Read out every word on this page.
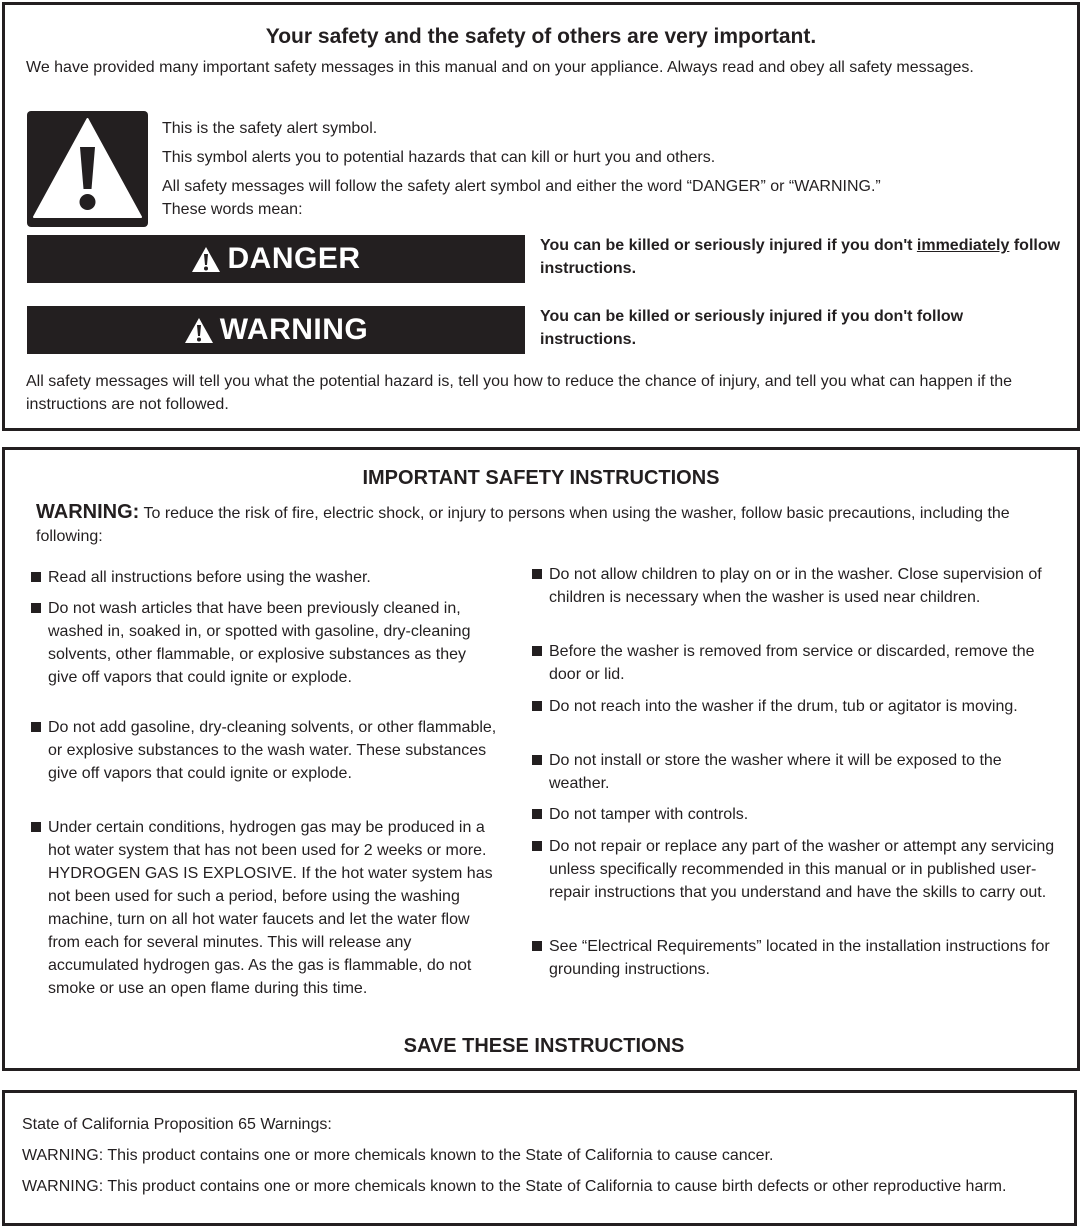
Your safety and the safety of others are very important.
We have provided many important safety messages in this manual and on your appliance. Always read and obey all safety messages.
This is the safety alert symbol.
This symbol alerts you to potential hazards that can kill or hurt you and others.
All safety messages will follow the safety alert symbol and either the word “DANGER” or “WARNING.”
These words mean:
DANGER	You can be killed or seriously injured if you don't immediately follow instructions.
WARNING	You can be killed or seriously injured if you don't follow instructions.
All safety messages will tell you what the potential hazard is, tell you how to reduce the chance of injury, and tell you what can happen if the instructions are not followed.
IMPORTANT SAFETY INSTRUCTIONS
WARNING: To reduce the risk of fire, electric shock, or injury to persons when using the washer, follow basic precautions, including the following:
Read all instructions before using the washer.
Do not wash articles that have been previously cleaned in, washed in, soaked in, or spotted with gasoline, dry-cleaning solvents, other flammable, or explosive substances as they give off vapors that could ignite or explode.
Do not add gasoline, dry-cleaning solvents, or other flammable, or explosive substances to the wash water. These substances give off vapors that could ignite or explode.
Under certain conditions, hydrogen gas may be produced in a hot water system that has not been used for 2 weeks or more. HYDROGEN GAS IS EXPLOSIVE. If the hot water system has not been used for such a period, before using the washing machine, turn on all hot water faucets and let the water flow from each for several minutes. This will release any accumulated hydrogen gas. As the gas is flammable, do not smoke or use an open flame during this time.
Do not allow children to play on or in the washer. Close supervision of children is necessary when the washer is used near children.
Before the washer is removed from service or discarded, remove the door or lid.
Do not reach into the washer if the drum, tub or agitator is moving.
Do not install or store the washer where it will be exposed to the weather.
Do not tamper with controls.
Do not repair or replace any part of the washer or attempt any servicing unless specifically recommended in this manual or in published user-repair instructions that you understand and have the skills to carry out.
See “Electrical Requirements” located in the installation instructions for grounding instructions.
SAVE THESE INSTRUCTIONS
State of California Proposition 65 Warnings:
WARNING: This product contains one or more chemicals known to the State of California to cause cancer.
WARNING: This product contains one or more chemicals known to the State of California to cause birth defects or other reproductive harm.
